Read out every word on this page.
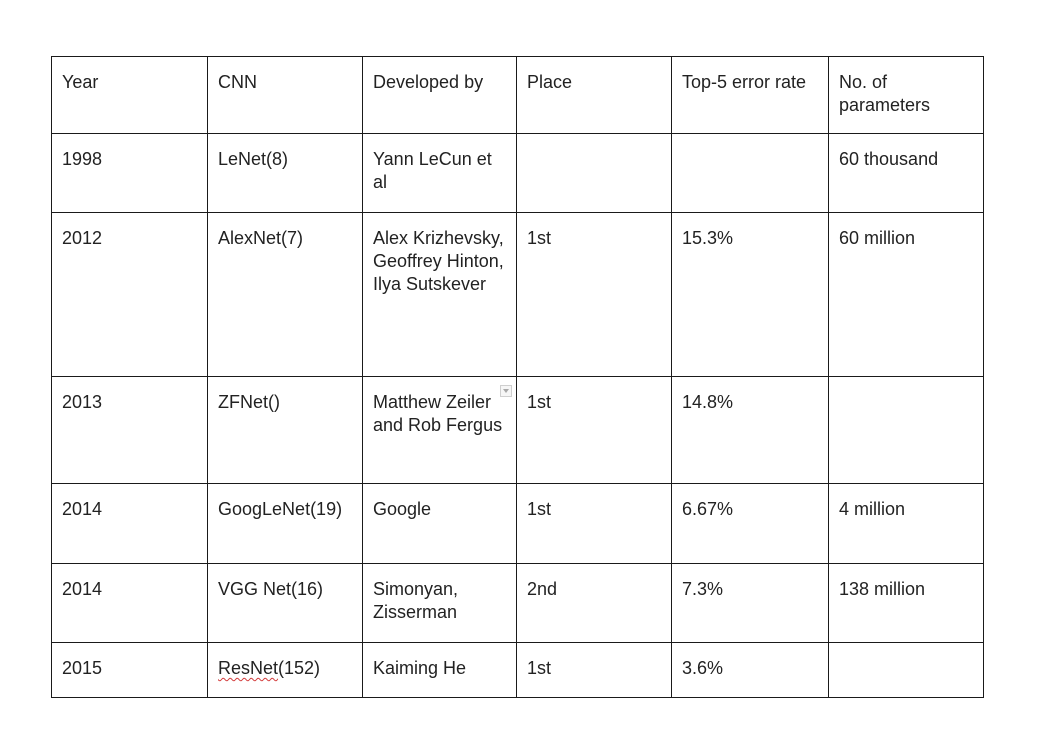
Year	CNN	Developed by	Place	Top-5 error rate	No. of parameters

1998	LeNet(8)	Yann LeCun et al			60 thousand

2012	AlexNet(7)	Alex Krizhevsky, Geoffrey Hinton, Ilya Sutskever	1st	15.3%	60 million

2013	ZFNet()	Matthew Zeiler and Rob Fergus	1st	14.8%	

2014	GoogLeNet(19)	Google	1st	6.67%	4 million

2014	VGG Net(16)	Simonyan, Zisserman	2nd	7.3%	138 million

2015	ResNet(152)	Kaiming He	1st	3.6%	
